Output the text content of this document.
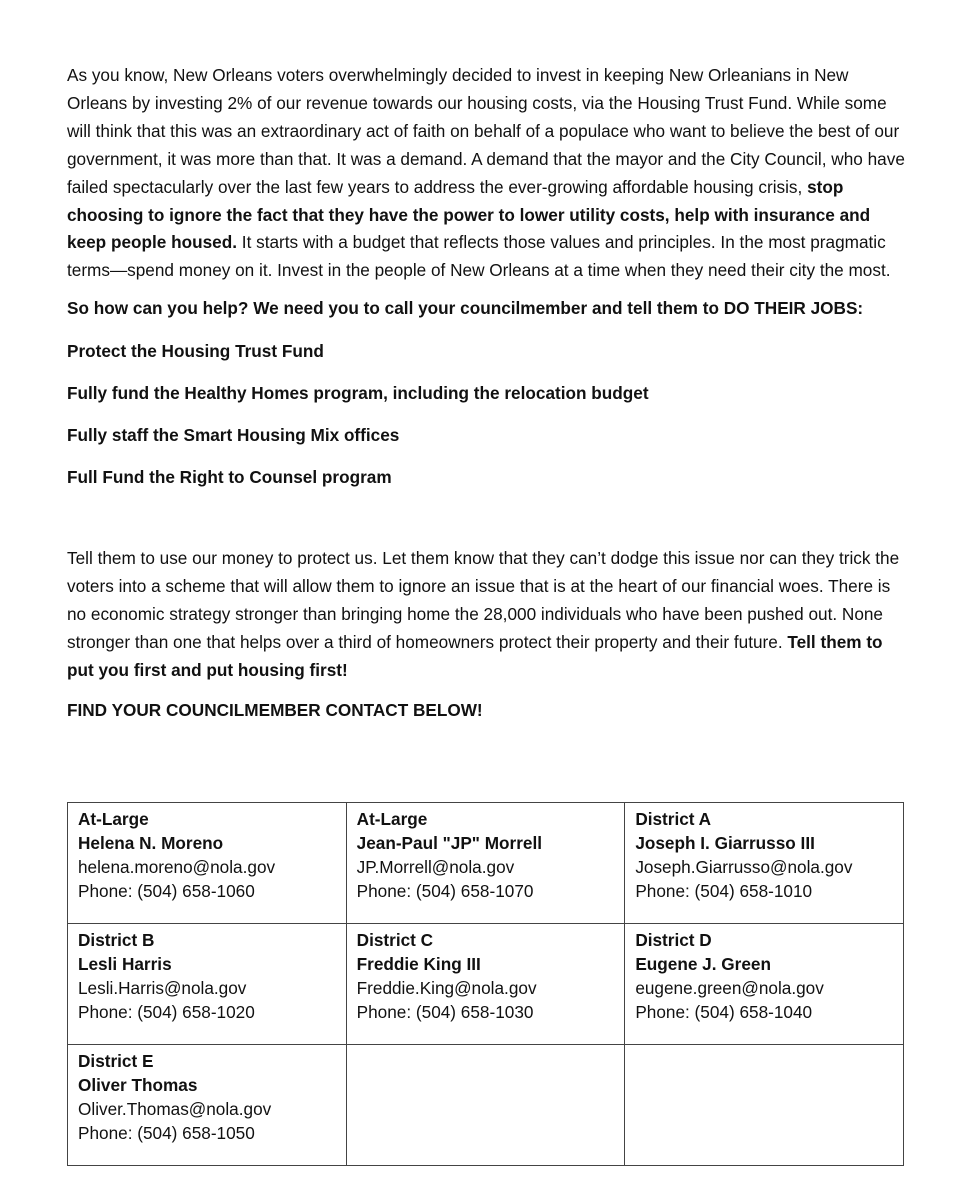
As you know, New Orleans voters overwhelmingly decided to invest in keeping New Orleanians in New Orleans by investing 2% of our revenue towards our housing costs, via the Housing Trust Fund. While some will think that this was an extraordinary act of faith on behalf of a populace who want to believe the best of our government, it was more than that. It was a demand. A demand that the mayor and the City Council, who have failed spectacularly over the last few years to address the ever-growing affordable housing crisis, stop choosing to ignore the fact that they have the power to lower utility costs, help with insurance and keep people housed. It starts with a budget that reflects those values and principles. In the most pragmatic terms—spend money on it. Invest in the people of New Orleans at a time when they need their city the most.

So how can you help? We need you to call your councilmember and tell them to DO THEIR JOBS:

Protect the Housing Trust Fund

Fully fund the Healthy Homes program, including the relocation budget

Fully staff the Smart Housing Mix offices

Full Fund the Right to Counsel program

Tell them to use our money to protect us. Let them know that they can’t dodge this issue nor can they trick the voters into a scheme that will allow them to ignore an issue that is at the heart of our financial woes. There is no economic strategy stronger than bringing home the 28,000 individuals who have been pushed out. None stronger than one that helps over a third of homeowners protect their property and their future. Tell them to put you first and put housing first!

FIND YOUR COUNCILMEMBER CONTACT BELOW!

At-Large
Helena N. Moreno
helena.moreno@nola.gov
Phone: (504) 658-1060	At-Large
Jean-Paul "JP" Morrell
JP.Morrell@nola.gov
Phone: (504) 658-1070	District A
Joseph I. Giarrusso III
Joseph.Giarrusso@nola.gov
Phone: (504) 658-1010

District B
Lesli Harris
Lesli.Harris@nola.gov
Phone: (504) 658-1020	District C
Freddie King III
Freddie.King@nola.gov
Phone: (504) 658-1030	District D
Eugene J. Green
eugene.green@nola.gov
Phone: (504) 658-1040

District E
Oliver Thomas
Oliver.Thomas@nola.gov
Phone: (504) 658-1050		
